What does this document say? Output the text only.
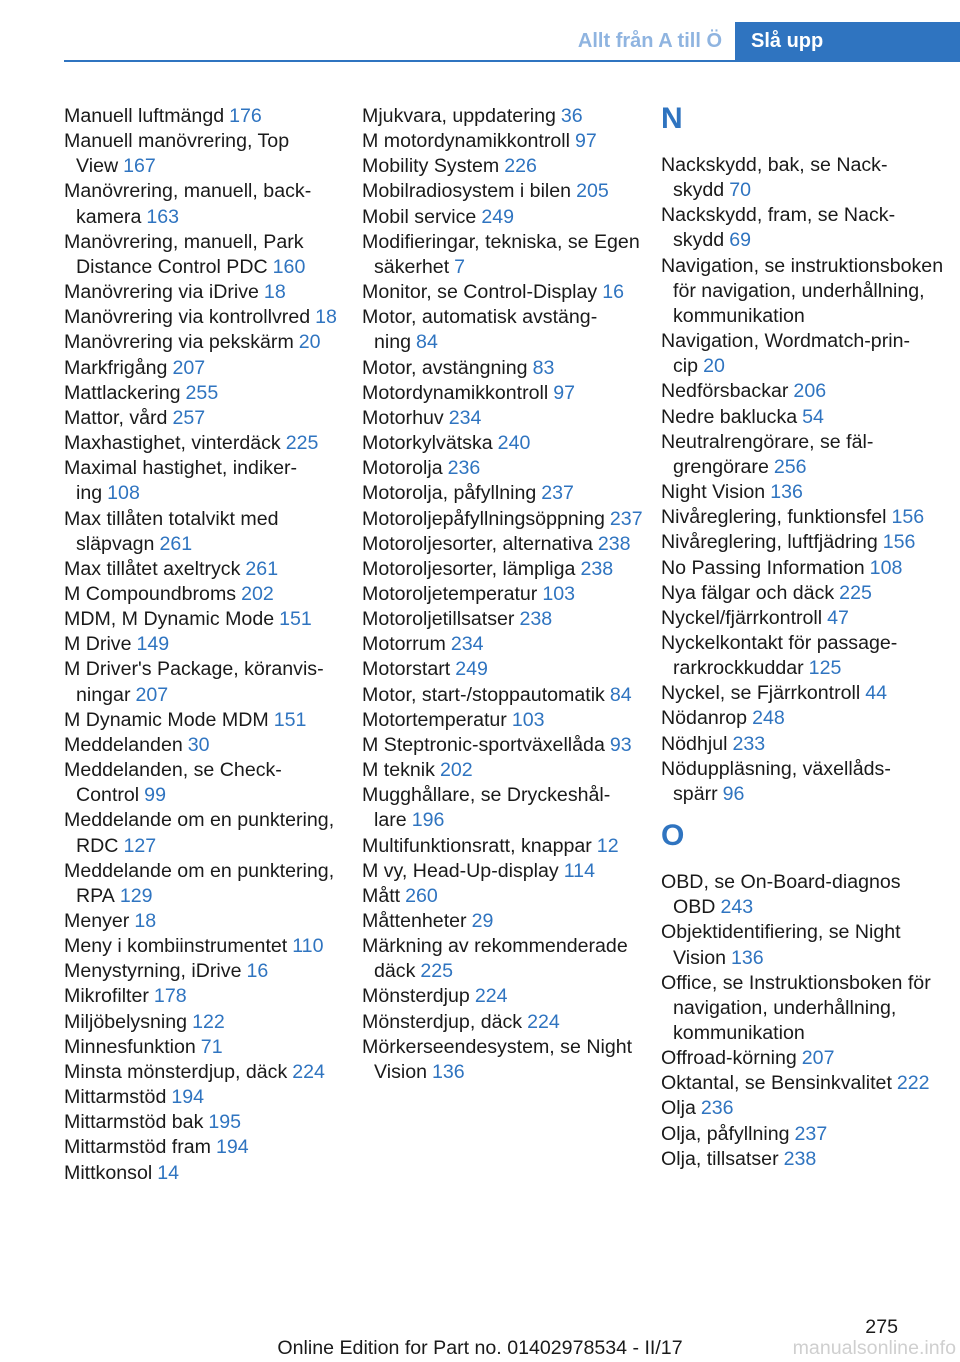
Allt från A till Ö	Slå upp
Manuell luftmängd 176
Manuell manövrering, Top View 167
Manövrering, manuell, backkamera 163
Manövrering, manuell, Park Distance Control PDC 160
Manövrering via iDrive 18
Manövrering via kontrollvred 18
Manövrering via pekskärm 20
Markfrigång 207
Mattlackering 255
Mattor, vård 257
Maxhastighet, vinterdäck 225
Maximal hastighet, indikering 108
Max tillåten totalvikt med släpvagn 261
Max tillåtet axeltryck 261
M Compoundbroms 202
MDM, M Dynamic Mode 151
M Drive 149
M Driver's Package, köranvisningar 207
M Dynamic Mode MDM 151
Meddelanden 30
Meddelanden, se Check-Control 99
Meddelande om en punktering, RDC 127
Meddelande om en punktering, RPA 129
Menyer 18
Meny i kombiinstrumentet 110
Menystyrning, iDrive 16
Mikrofilter 178
Miljöbelysning 122
Minnesfunktion 71
Minsta mönsterdjup, däck 224
Mittarmstöd 194
Mittarmstöd bak 195
Mittarmstöd fram 194
Mittkonsol 14
Mjukvara, uppdatering 36
M motordynamikkontroll 97
Mobility System 226
Mobilradiosystem i bilen 205
Mobil service 249
Modifieringar, tekniska, se Egen säkerhet 7
Monitor, se Control-Display 16
Motor, automatisk avstängning 84
Motor, avstängning 83
Motordynamikkontroll 97
Motorhuv 234
Motorkylvätska 240
Motorolja 236
Motorolja, påfyllning 237
Motoroljepåfyllningsöppning 237
Motoroljesorter, alternativa 238
Motoroljesorter, lämpliga 238
Motoroljetemperatur 103
Motoroljetillsatser 238
Motorrum 234
Motorstart 249
Motor, start-/stoppautomatik 84
Motortemperatur 103
M Steptronic-sportväxellåda 93
M teknik 202
Mugghållare, se Dryckeshållare 196
Multifunktionsratt, knappar 12
M vy, Head-Up-display 114
Mått 260
Måttenheter 29
Märkning av rekommenderade däck 225
Mönsterdjup 224
Mönsterdjup, däck 224
Mörkerseendesystem, se Night Vision 136
N
Nackskydd, bak, se Nackskydd 70
Nackskydd, fram, se Nackskydd 69
Navigation, se instruktionsboken för navigation, underhållning, kommunikation
Navigation, Wordmatch-princip 20
Nedförsbackar 206
Nedre baklucka 54
Neutralrengörare, se fälgrengörare 256
Night Vision 136
Nivåreglering, funktionsfel 156
Nivåreglering, luftfjädring 156
No Passing Information 108
Nya fälgar och däck 225
Nyckel/fjärrkontroll 47
Nyckelkontakt för passagerarkrockkuddar 125
Nyckel, se Fjärrkontroll 44
Nödanrop 248
Nödhjul 233
Nöduppläsning, växellådsspärr 96
O
OBD, se On-Board-diagnos OBD 243
Objektidentifiering, se Night Vision 136
Office, se Instruktionsboken för navigation, underhållning, kommunikation
Offroad-körning 207
Oktantal, se Bensinkvalitet 222
Olja 236
Olja, påfyllning 237
Olja, tillsatser 238
275
Online Edition for Part no. 01402978534 - II/17	manualsonline.info
